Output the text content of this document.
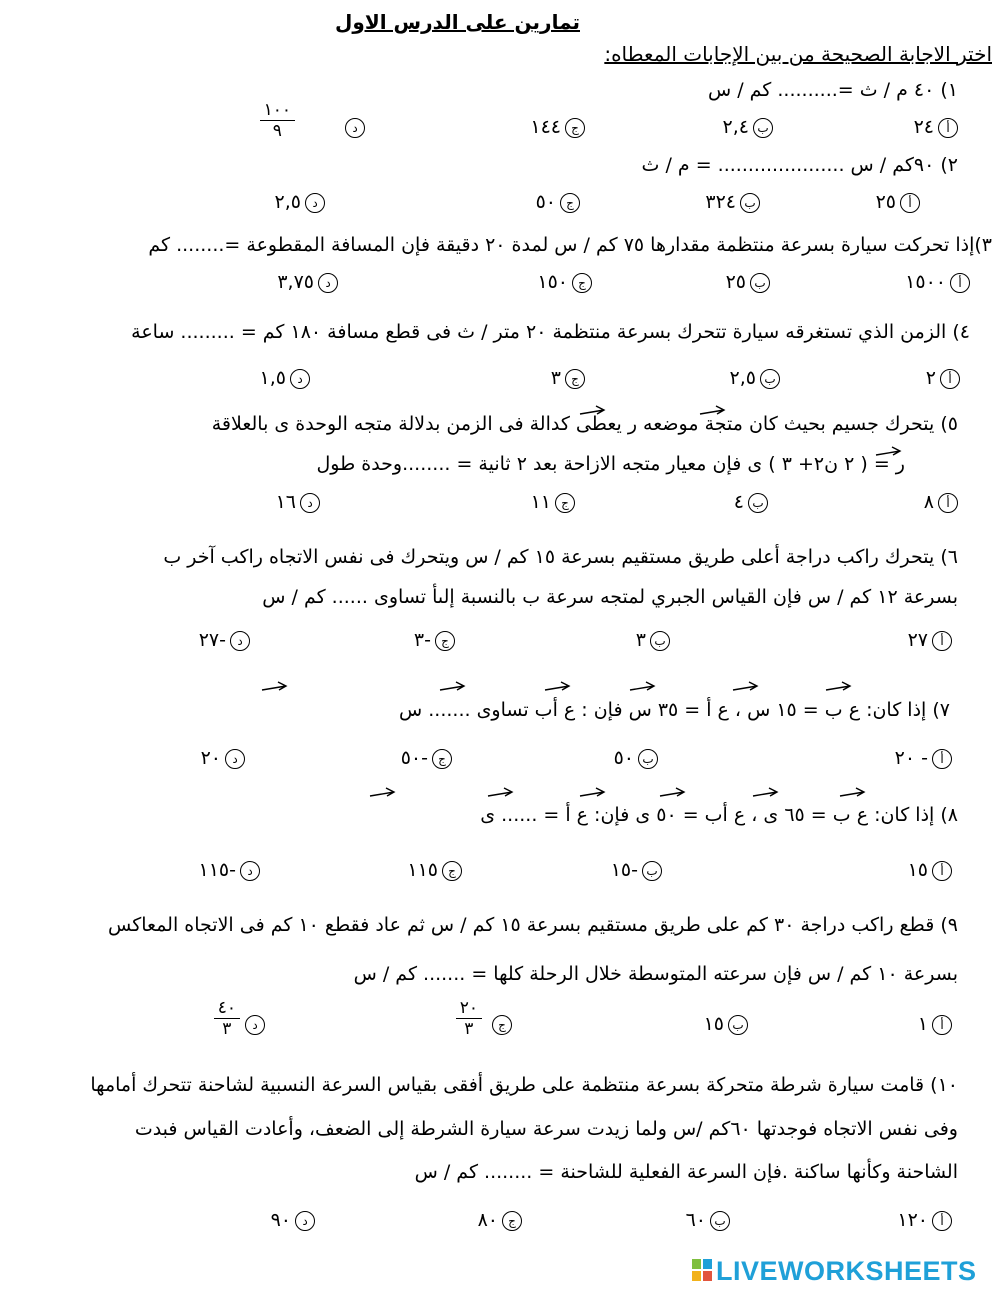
تمارين على الدرس الاول
اختر الاجابة الصحيحة من بين الإجابات المعطاه:
١) ٤٠ م / ث =.......... كم / س
أ٢٤
ب٢,٤
ج١٤٤
د
١٠٠
٩
٢) ٩٠كم / س ..................... = م / ث
أ٢٥
ب٣٢٤
ج٥٠
د٢,٥
٣)إذا تحركت سيارة بسرعة منتظمة مقدارها ٧٥ كم / س لمدة ٢٠ دقيقة فإن المسافة المقطوعة =........ كم
أ١٥٠٠
ب٢٥
ج١٥٠
د٣,٧٥
٤) الزمن الذي تستغرقه سيارة تتحرك بسرعة منتظمة ٢٠ متر / ث فى قطع مسافة ١٨٠ كم = ......... ساعة
أ٢
ب٢,٥
ج٣
د١,٥
٥) يتحرك جسيم بحيث كان متجة موضعه ر يعطى كدالة فى الزمن بدلالة متجه الوحدة ى بالعلاقة
ر = ( ٢ ن٢+ ٣ ) ى فإن معيار متجه الازاحة بعد ٢ ثانية = ........وحدة طول
أ٨
ب٤
ج١١
د١٦
٦) يتحرك راكب دراجة أعلى طريق مستقيم بسرعة ١٥ كم / س ويتحرك فى نفس الاتجاه راكب آخر ب
بسرعة ١٢ كم / س فإن القياس الجبري لمتجه سرعة ب بالنسبة إلىأ تساوى ...... كم / س
أ٢٧
ب٣
ج-٣
د-٢٧
٧) إذا كان: ع ب = ١٥ س ، ع أ = ٣٥ س فإن : ع أب تساوى ....... س
أ- ٢٠
ب٥٠
ج-٥٠
د٢٠
٨) إذا كان: ع ب = ٦٥ ى ، ع أب = ٥٠ ى فإن: ع أ = ...... ى
أ١٥
ب-١٥
ج١١٥
د-١١٥
٩) قطع راكب دراجة ٣٠ كم على طريق مستقيم بسرعة ١٥ كم / س ثم عاد فقطع ١٠ كم فى الاتجاه المعاكس
بسرعة ١٠ كم / س فإن سرعته المتوسطة خلال الرحلة كلها = ....... كم / س
أ١
ب١٥
ج
٢٠
٣
د
٤٠
٣
١٠) قامت سيارة شرطة متحركة بسرعة منتظمة على طريق أفقى بقياس السرعة النسبية لشاحنة تتحرك أمامها
وفى نفس الاتجاه فوجدتها ٦٠كم /س ولما زيدت سرعة سيارة الشرطة إلى الضعف، وأعادت القياس فبدت
الشاحنة وكأنها ساكنة .فإن السرعة الفعلية للشاحنة = ........ كم / س
أ١٢٠
ب٦٠
ج٨٠
د٩٠
LIVEWORKSHEETS
